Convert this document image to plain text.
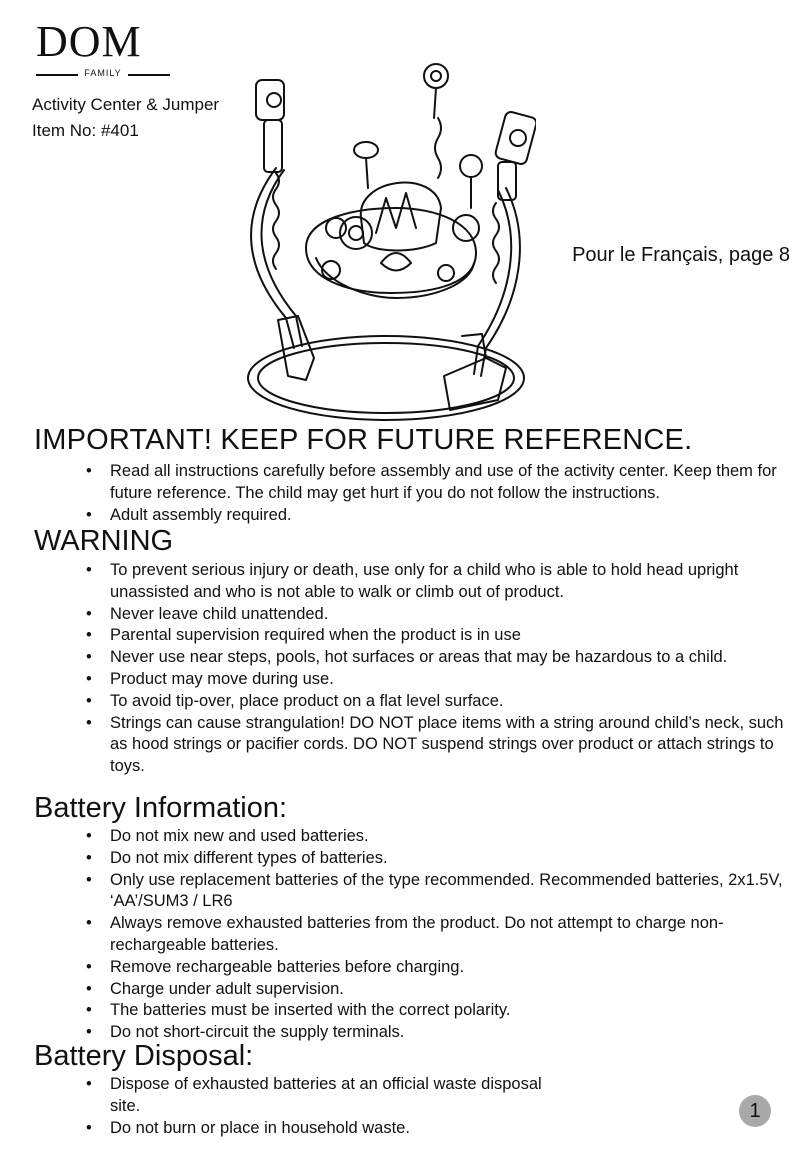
DOM
FAMILY
Activity Center & Jumper
Item No: #401
Pour le Français, page 8
IMPORTANT! KEEP FOR FUTURE REFERENCE.
• Read all instructions carefully before assembly and use of the activity center. Keep them for future reference. The child may get hurt if you do not follow the instructions.
• Adult assembly required.
WARNING
• To prevent serious injury or death, use only for a child who is able to hold head upright unassisted and who is not able to walk or climb out of product.
• Never leave child unattended.
• Parental supervision required when the product is in use
• Never use near steps, pools, hot surfaces or areas that may be hazardous to a child.
• Product may move during use.
• To avoid tip-over, place product on a flat level surface.
• Strings can cause strangulation! DO NOT place items with a string around child’s neck, such as hood strings or pacifier cords. DO NOT suspend strings over product or attach strings to toys.
Battery Information:
• Do not mix new and used batteries.
• Do not mix different types of batteries.
• Only use replacement batteries of the type recommended. Recommended batteries, 2x1.5V, ‘AA’/SUM3 / LR6
• Always remove exhausted batteries from the product. Do not attempt to charge non-rechargeable batteries.
• Remove rechargeable batteries before charging.
• Charge under adult supervision.
• The batteries must be inserted with the correct polarity.
• Do not short-circuit the supply terminals.
Battery Disposal:
• Dispose of exhausted batteries at an official waste disposal site.
• Do not burn or place in household waste.
1
